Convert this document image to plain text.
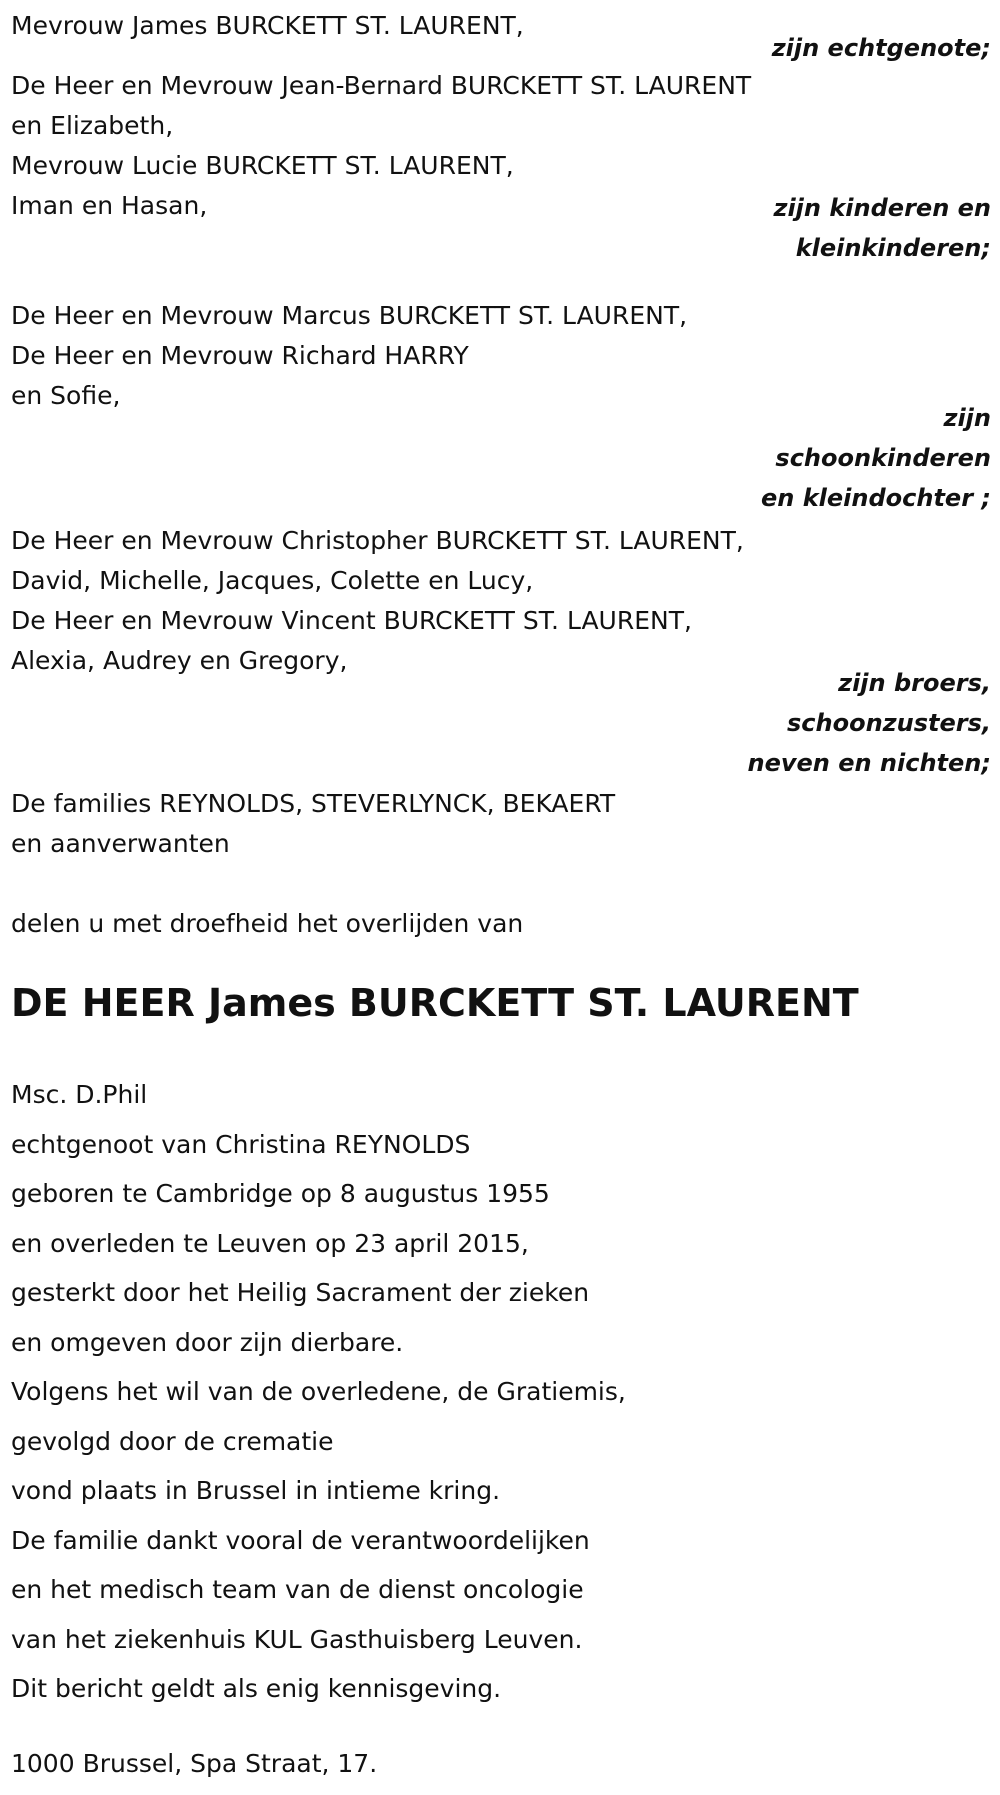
Mevrouw James BURCKETT ST. LAURENT,
zijn echtgenote;
De Heer en Mevrouw Jean-Bernard BURCKETT ST. LAURENT
en Elizabeth,
Mevrouw Lucie BURCKETT ST. LAURENT,
Iman en Hasan,	zijn kinderen en
kleinkinderen;
De Heer en Mevrouw Marcus BURCKETT ST. LAURENT,
De Heer en Mevrouw Richard HARRY
en Sofie,
zijn
schoonkinderen
en kleindochter ;
De Heer en Mevrouw Christopher BURCKETT ST. LAURENT,
David, Michelle, Jacques, Colette en Lucy,
De Heer en Mevrouw Vincent BURCKETT ST. LAURENT,
Alexia, Audrey en Gregory,
zijn broers,
schoonzusters,
neven en nichten;
De families REYNOLDS, STEVERLYNCK, BEKAERT
en aanverwanten
delen u met droefheid het overlijden van
DE HEER James BURCKETT ST. LAURENT
Msc. D.Phil
echtgenoot van Christina REYNOLDS
geboren te Cambridge op 8 augustus 1955
en overleden te Leuven op 23 april 2015,
gesterkt door het Heilig Sacrament der zieken
en omgeven door zijn dierbare.
Volgens het wil van de overledene, de Gratiemis,
gevolgd door de crematie
vond plaats in Brussel in intieme kring.
De familie dankt vooral de verantwoordelijken
en het medisch team van de dienst oncologie
van het ziekenhuis KUL Gasthuisberg Leuven.
Dit bericht geldt als enig kennisgeving.
1000 Brussel, Spa Straat, 17.
